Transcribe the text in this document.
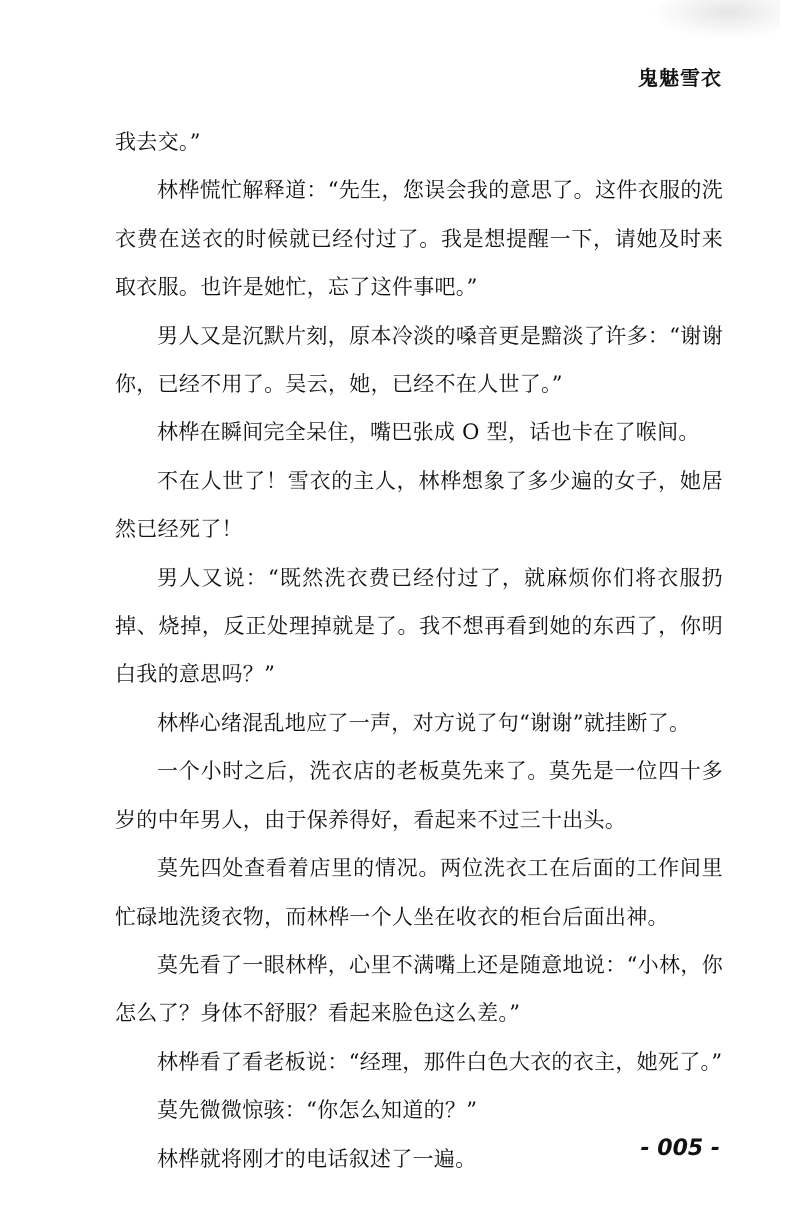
鬼魅雪衣

我去交。”

林桦慌忙解释道：“先生，您误会我的意思了。这件衣服的洗衣费在送衣的时候就已经付过了。我是想提醒一下，请她及时来取衣服。也许是她忙，忘了这件事吧。”

男人又是沉默片刻，原本冷淡的嗓音更是黯淡了许多：“谢谢你，已经不用了。吴云，她，已经不在人世了。”

林桦在瞬间完全呆住，嘴巴张成 O 型，话也卡在了喉间。

不在人世了！雪衣的主人，林桦想象了多少遍的女子，她居然已经死了！

男人又说：“既然洗衣费已经付过了，就麻烦你们将衣服扔掉、烧掉，反正处理掉就是了。我不想再看到她的东西了，你明白我的意思吗？”

林桦心绪混乱地应了一声，对方说了句“谢谢”就挂断了。

一个小时之后，洗衣店的老板莫先来了。莫先是一位四十多岁的中年男人，由于保养得好，看起来不过三十出头。

莫先四处查看着店里的情况。两位洗衣工在后面的工作间里忙碌地洗烫衣物，而林桦一个人坐在收衣的柜台后面出神。

莫先看了一眼林桦，心里不满嘴上还是随意地说：“小林，你怎么了？身体不舒服？看起来脸色这么差。”

林桦看了看老板说：“经理，那件白色大衣的衣主，她死了。”

莫先微微惊骇：“你怎么知道的？”

林桦就将刚才的电话叙述了一遍。	- 005 -
